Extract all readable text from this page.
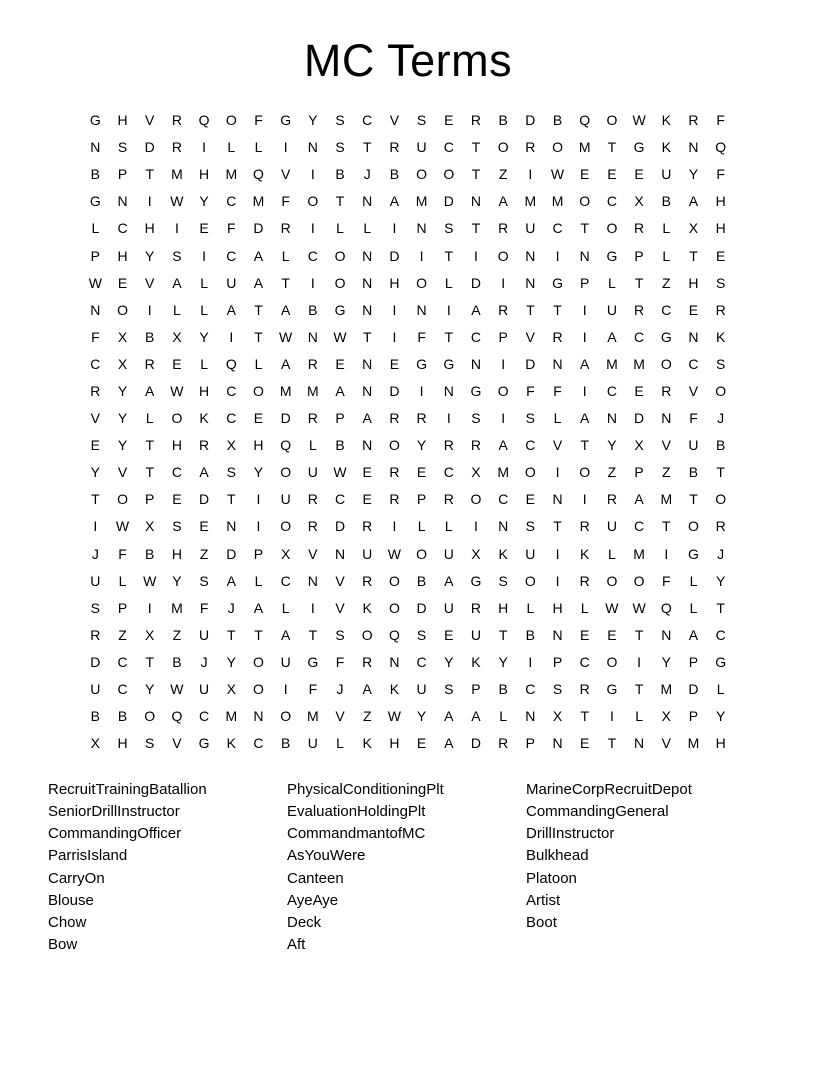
MC Terms
G	H	V	R	Q	O	F	G	Y	S	C	V	S	E	R	B	D	B	Q	O	W	K	R	F
N	S	D	R	I	L	L	I	N	S	T	R	U	C	T	O	R	O	M	T	G	K	N	Q
B	P	T	M	H	M	Q	V	I	B	J	B	O	O	T	Z	I	W	E	E	E	U	Y	F
G	N	I	W	Y	C	M	F	O	T	N	A	M	D	N	A	M	M	O	C	X	B	A	H
L	C	H	I	E	F	D	R	I	L	L	I	N	S	T	R	U	C	T	O	R	L	X	H
P	H	Y	S	I	C	A	L	C	O	N	D	I	T	I	O	N	I	N	G	P	L	T	E
W	E	V	A	L	U	A	T	I	O	N	H	O	L	D	I	N	G	P	L	T	Z	H	S
N	O	I	L	L	A	T	A	B	G	N	I	N	I	A	R	T	T	I	U	R	C	E	R
F	X	B	X	Y	I	T	W	N	W	T	I	F	T	C	P	V	R	I	A	C	G	N	K
C	X	R	E	L	Q	L	A	R	E	N	E	G	G	N	I	D	N	A	M	M	O	C	S
R	Y	A	W	H	C	O	M	M	A	N	D	I	N	G	O	F	F	I	C	E	R	V	O
V	Y	L	O	K	C	E	D	R	P	A	R	R	I	S	I	S	L	A	N	D	N	F	J
E	Y	T	H	R	X	H	Q	L	B	N	O	Y	R	R	A	C	V	T	Y	X	V	U	B
Y	V	T	C	A	S	Y	O	U	W	E	R	E	C	X	M	O	I	O	Z	P	Z	B	T
T	O	P	E	D	T	I	U	R	C	E	R	P	R	O	C	E	N	I	R	A	M	T	O
I	W	X	S	E	N	I	O	R	D	R	I	L	L	I	N	S	T	R	U	C	T	O	R
J	F	B	H	Z	D	P	X	V	N	U	W	O	U	X	K	U	I	K	L	M	I	G	J
U	L	W	Y	S	A	L	C	N	V	R	O	B	A	G	S	O	I	R	O	O	F	L	Y
S	P	I	M	F	J	A	L	I	V	K	O	D	U	R	H	L	H	L	W W	Q	L	T
R	Z	X	Z	U	T	T	A	T	S	O	Q	S	E	U	T	B	N	E	E	T	N	A	C
D	C	T	B	J	Y	O	U	G	F	R	N	C	Y	K	Y	I	P	C	O	I	Y	P	G
U	C	Y	W	U	X	O	I	F	J	A	K	U	S	P	B	C	S	R	G	T	M	D	L
B	B	O	Q	C	M	N	O	M	V	Z	W	Y	A	A	L	N	X	T	I	L	X	P	Y
X	H	S	V	G	K	C	B	U	L	K	H	E	A	D	R	P	N	E	T	N	V	M	H
RecruitTrainingBatallion
SeniorDrillInstructor
CommandingOfficer
ParrisIsland
CarryOn
Blouse
Chow
Bow
PhysicalConditioningPlt
EvaluationHoldingPlt
CommandmantofMC
AsYouWere
Canteen
AyeAye
Deck
Aft
MarineCorpRecruitDepot
CommandingGeneral
DrillInstructor
Bulkhead
Platoon
Artist
Boot
